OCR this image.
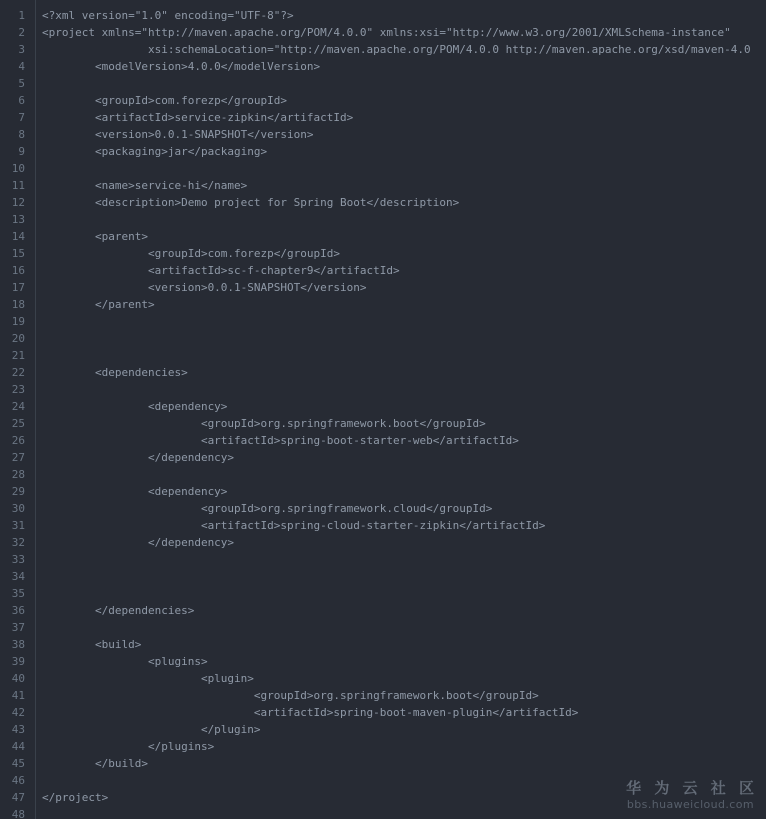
1	<?xml version="1.0" encoding="UTF-8"?>
2	<project xmlns="http://maven.apache.org/POM/4.0.0" xmlns:xsi="http://www.w3.org/2001/XMLSchema-instance"
3	xsi:schemaLocation="http://maven.apache.org/POM/4.0.0 http://maven.apache.org/xsd/maven-4.0
4	<modelVersion>4.0.0</modelVersion>
5
6	<groupId>com.forezp</groupId>
7	<artifactId>service-zipkin</artifactId>
8	<version>0.0.1-SNAPSHOT</version>
9	<packaging>jar</packaging>
10
11	<name>service-hi</name>
12	<description>Demo project for Spring Boot</description>
13
14	<parent>
15	<groupId>com.forezp</groupId>
16	<artifactId>sc-f-chapter9</artifactId>
17	<version>0.0.1-SNAPSHOT</version>
18	</parent>
19
20
21
22	<dependencies>
23
24	<dependency>
25	<groupId>org.springframework.boot</groupId>
26	<artifactId>spring-boot-starter-web</artifactId>
27	</dependency>
28
29	<dependency>
30	<groupId>org.springframework.cloud</groupId>
31	<artifactId>spring-cloud-starter-zipkin</artifactId>
32	</dependency>
33
34
35
36	</dependencies>
37
38	<build>
39	<plugins>
40	<plugin>
41	<groupId>org.springframework.boot</groupId>
42	<artifactId>spring-boot-maven-plugin</artifactId>
43	</plugin>
44	</plugins>
45	</build>
46
47	</project>
48
华 为 云 社 区
bbs.huaweicloud.com
